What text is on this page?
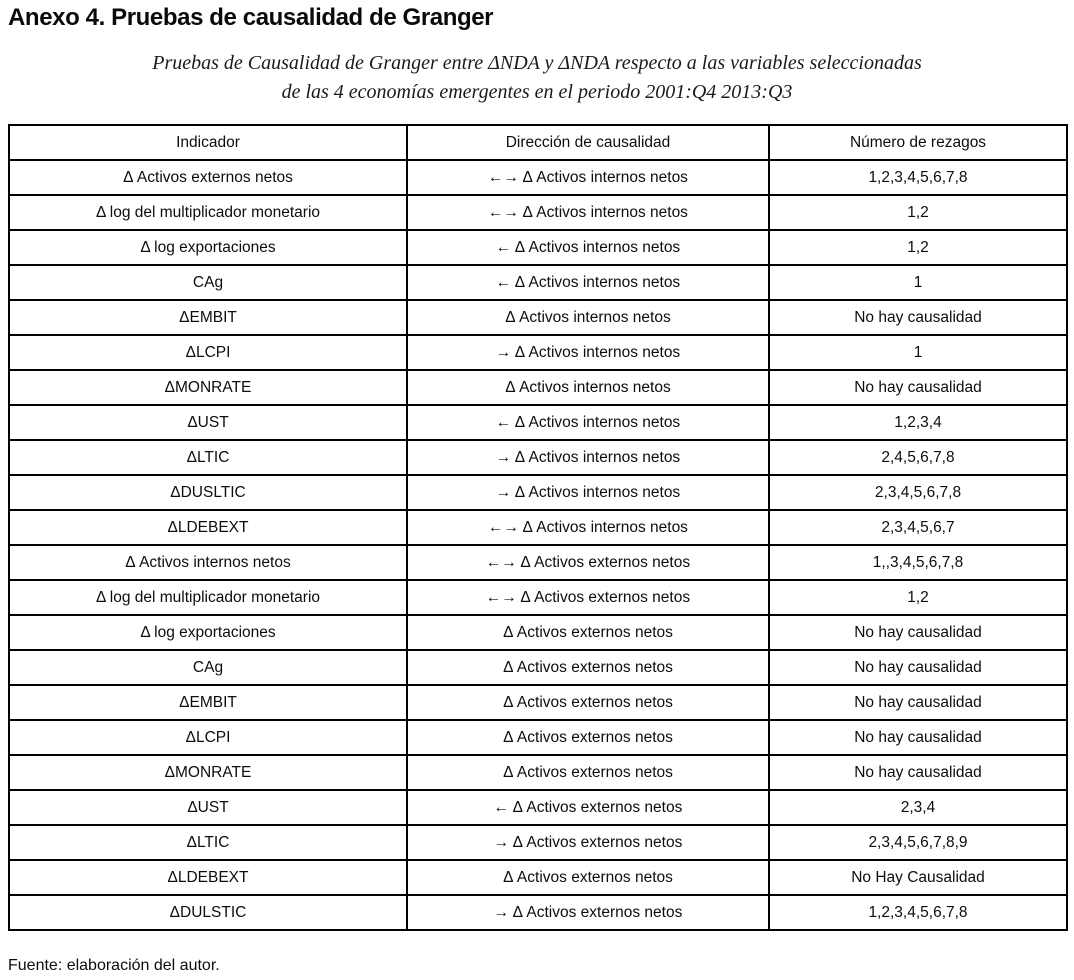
Anexo 4. Pruebas de causalidad de Granger
Pruebas de Causalidad de Granger entre ΔNDA y ΔNDA respecto a las variables seleccionadas
de las 4 economías emergentes en el periodo 2001:Q4 2013:Q3
Indicador	Dirección de causalidad	Número de rezagos
Δ Activos externos netos	←→ Δ Activos internos netos	1,2,3,4,5,6,7,8
Δ log del multiplicador monetario	←→ Δ Activos internos netos	1,2
Δ log exportaciones	← Δ Activos internos netos	1,2
CAg	← Δ Activos internos netos	1
ΔEMBIT	Δ Activos internos netos	No hay causalidad
ΔLCPI	→ Δ Activos internos netos	1
ΔMONRATE	Δ Activos internos netos	No hay causalidad
ΔUST	← Δ Activos internos netos	1,2,3,4
ΔLTIC	→ Δ Activos internos netos	2,4,5,6,7,8
ΔDUSLTIC	→ Δ Activos internos netos	2,3,4,5,6,7,8
ΔLDEBEXT	←→ Δ Activos internos netos	2,3,4,5,6,7
Δ Activos internos netos	←→ Δ Activos externos netos	1,,3,4,5,6,7,8
Δ log del multiplicador monetario	←→ Δ Activos externos netos	1,2
Δ log exportaciones	Δ Activos externos netos	No hay causalidad
CAg	Δ Activos externos netos	No hay causalidad
ΔEMBIT	Δ Activos externos netos	No hay causalidad
ΔLCPI	Δ Activos externos netos	No hay causalidad
ΔMONRATE	Δ Activos externos netos	No hay causalidad
ΔUST	← Δ Activos externos netos	2,3,4
ΔLTIC	→ Δ Activos externos netos	2,3,4,5,6,7,8,9
ΔLDEBEXT	Δ Activos externos netos	No Hay Causalidad
ΔDULSTIC	→ Δ Activos externos netos	1,2,3,4,5,6,7,8
Fuente: elaboración del autor.
